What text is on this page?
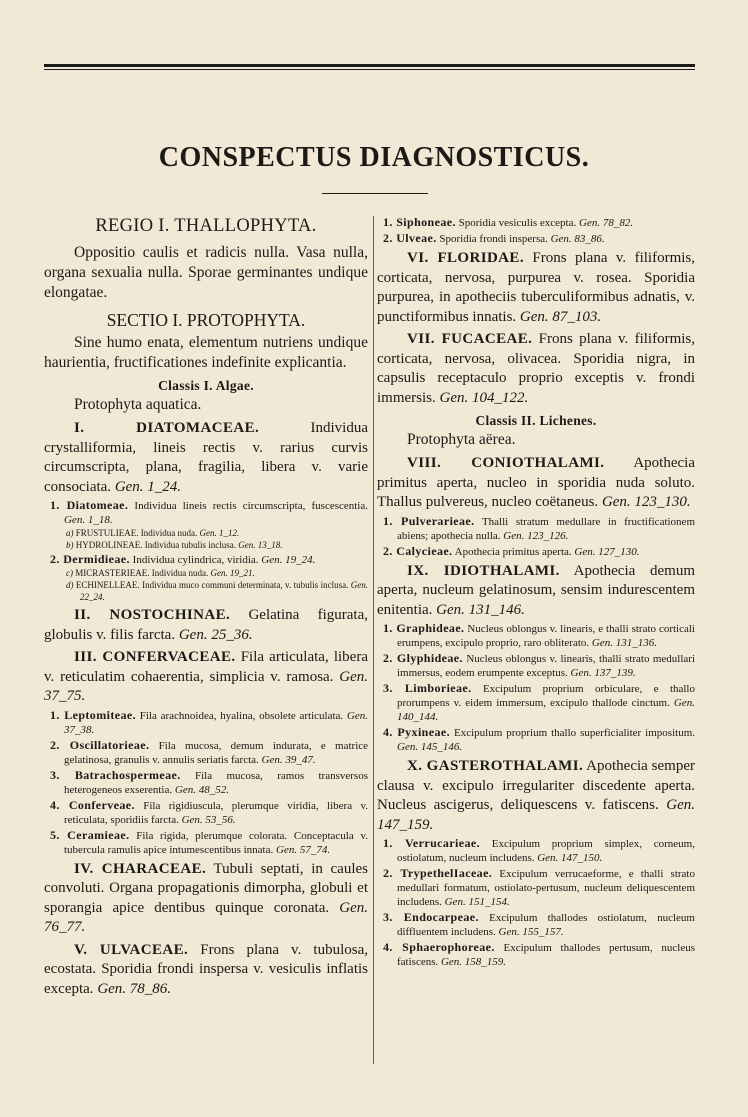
CONSPECTUS DIAGNOSTICUS.

REGIO I. THALLOPHYTA.

Oppositio caulis et radicis nulla. Vasa nulla, organa sexualia nulla. Sporae germinantes undique elongatae.

SECTIO I. PROTOPHYTA.

Sine humo enata, elementum nutriens undique haurientia, fructificationes indefinite explicantia.

Classis I. Algae.

Protophyta aquatica.

I. DIATOMACEAE. Individua crystalliformia, lineis rectis v. rarius curvis circumscripta, plana, fragilia, libera v. varie consociata. Gen. 1_24.

1. Diatomeae. Individua lineis rectis circumscripta, fuscescentia. Gen. 1_18.

a) FRUSTULIEAE. Individua nuda. Gen. 1_12.

b) HYDROLINEAE. Individua tubulis inclusa. Gen. 13_18.

2. Dermidieae. Individua cylindrica, viridia. Gen. 19_24.

c) MICRASTERIEAE. Individua nuda. Gen. 19_21.

d) ECHINELLEAE. Individua muco communi determinata, v. tubulis inclusa. Gen. 22_24.

II. NOSTOCHINAE. Gelatina figurata, globulis v. filis farcta. Gen. 25_36.

III. CONFERVACEAE. Fila articulata, libera v. reticulatim cohaerentia, simplicia v. ramosa. Gen. 37_75.

1. Leptomiteae. Fila arachnoidea, hyalina, obsolete articulata. Gen. 37_38.

2. Oscillatorieae. Fila mucosa, demum indurata, e matrice gelatinosa, granulis v. annulis seriatis farcta. Gen. 39_47.

3. Batrachospermeae. Fila mucosa, ramos transversos heterogeneos exserentia. Gen. 48_52.

4. Conferveae. Fila rigidiuscula, plerumque viridia, libera v. reticulata, sporidiis farcta. Gen. 53_56.

5. Ceramieae. Fila rigida, plerumque colorata. Conceptacula v. tubercula ramulis apice intumescentibus innata. Gen. 57_74.

IV. CHARACEAE. Tubuli septati, in caules convoluti. Organa propagationis dimorpha, globuli et sporangia apice dentibus quinque coronata. Gen. 76_77.

V. ULVACEAE. Frons plana v. tubulosa, ecostata. Sporidia frondi inspersa v. vesiculis inflatis excepta. Gen. 78_86.

1. Siphoneae. Sporidia vesiculis excepta. Gen. 78_82.

2. Ulveae. Sporidia frondi inspersa. Gen. 83_86.

VI. FLORIDAE. Frons plana v. filiformis, corticata, nervosa, purpurea v. rosea. Sporidia purpurea, in apotheciis tuberculiformibus adnatis, v. punctiformibus innatis. Gen. 87_103.

VII. FUCACEAE. Frons plana v. filiformis, corticata, nervosa, olivacea. Sporidia nigra, in capsulis receptaculo proprio exceptis v. frondi immersis. Gen. 104_122.

Classis II. Lichenes.

Protophyta aërea.

VIII. CONIOTHALAMI. Apothecia primitus aperta, nucleo in sporidia nuda soluto. Thallus pulvereus, nucleo coëtaneus. Gen. 123_130.

1. Pulverarieae. Thalli stratum medullare in fructificationem abiens; apothecia nulla. Gen. 123_126.

2. Calycieae. Apothecia primitus aperta. Gen. 127_130.

IX. IDIOTHALAMI. Apothecia demum aperta, nucleum gelatinosum, sensim indurescentem enitentia. Gen. 131_146.

1. Graphideae. Nucleus oblongus v. linearis, e thalli strato corticali erumpens, excipulo proprio, raro obliterato. Gen. 131_136.

2. Glyphideae. Nucleus oblongus v. linearis, thalli strato medullari immersus, eodem erumpente exceptus. Gen. 137_139.

3. Limborieae. Excipulum proprium orbiculare, e thallo prorumpens v. eidem immersum, excipulo thallode cinctum. Gen. 140_144.

4. Pyxineae. Excipulum proprium thallo superficialiter impositum. Gen. 145_146.

X. GASTEROTHALAMI. Apothecia semper clausa v. excipulo irregulariter discedente aperta. Nucleus ascigerus, deliquescens v. fatiscens. Gen. 147_159.

1. Verrucarieae. Excipulum proprium simplex, corneum, ostiolatum, nucleum includens. Gen. 147_150.

2. TrypethelIaceae. Excipulum verrucaeforme, e thalli strato medullari formatum, ostiolato-pertusum, nucleum deliquescentem includens. Gen. 151_154.

3. Endocarpeae. Excipulum thallodes ostiolatum, nucleum diffluentem includens. Gen. 155_157.

4. Sphaerophoreae. Excipulum thallodes pertusum, nucleus fatiscens. Gen. 158_159.
